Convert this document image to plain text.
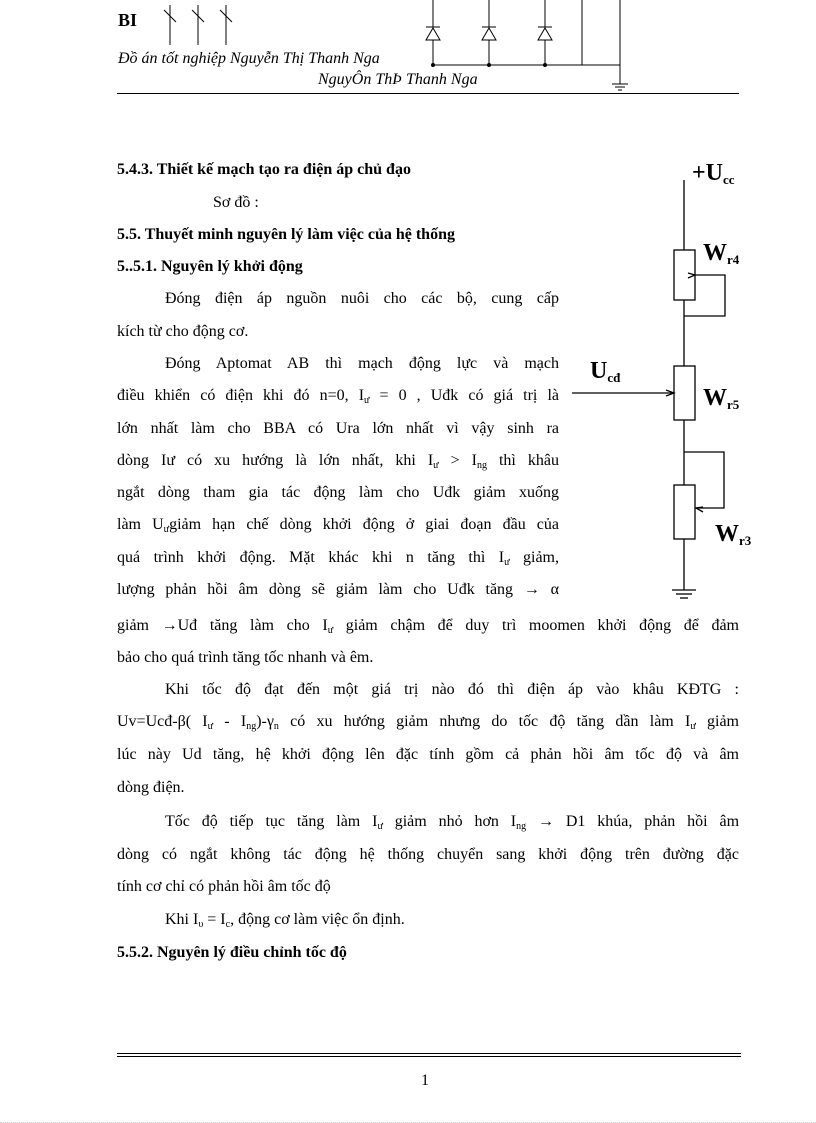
BI
Đồ án tốt nghiệp Nguyễn Thị Thanh Nga
NguyÔn ThÞ Thanh Nga
+Ucc
Wr4
Ucđ
Wr5
Wr3
5.4.3. Thiết kế mạch tạo ra điện áp chủ đạo
Sơ đồ :
5.5. Thuyết minh nguyên lý làm việc của hệ thống
5..5.1. Nguyên lý khởi động
Đóng điện áp nguồn nuôi cho các bộ, cung cấp
kích từ cho động cơ.
Đóng Aptomat AB thì mạch động lực và mạch
điều khiển có điện khi đó n=0, $I_ư = 0$ , Uđk có giá trị là
lớn nhất làm cho BBA có Ura lớn nhất vì vậy sinh ra
dòng Iư có xu hướng là lớn nhất, khi $I_ư > I_{ng}$ thì khâu
ngắt dòng tham gia tác động làm cho Uđk giảm xuống
làm $U_ưgiảm$ hạn chế dòng khởi động ở giai đoạn đầu của
quá trình khởi động. Mặt khác khi n tăng thì $I_ư$ giảm,
lượng phản hồi âm dòng sẽ giảm làm cho Uđk tăng → α
giảm →Uđ tăng làm cho $I_ư$ giảm chậm để duy trì moomen khởi động để đảm
bảo cho quá trình tăng tốc nhanh và êm.
Khi tốc độ đạt đến một giá trị nào đó thì điện áp vào khâu KĐTG :
Uv=Ucđ-β( $I_ư - I_{ng})-\gamma_n$ có xu hướng giảm nhưng do tốc độ tăng dần làm $I_ư$ giảm
lúc này Ud tăng, hệ khởi động lên đặc tính gồm cả phản hồi âm tốc độ và âm
dòng điện.
Tốc độ tiếp tục tăng làm $I_ư$ giảm nhỏ hơn $I_{ng} \to D1$ khúa, phản hồi âm
dòng có ngắt không tác động hệ thống chuyển sang khởi động trên đường đặc
tính cơ chỉ có phản hồi âm tốc độ
Khi $I_\upsilon = I_c$, động cơ làm việc ổn định.
5.5.2. Nguyên lý điều chỉnh tốc độ
1
